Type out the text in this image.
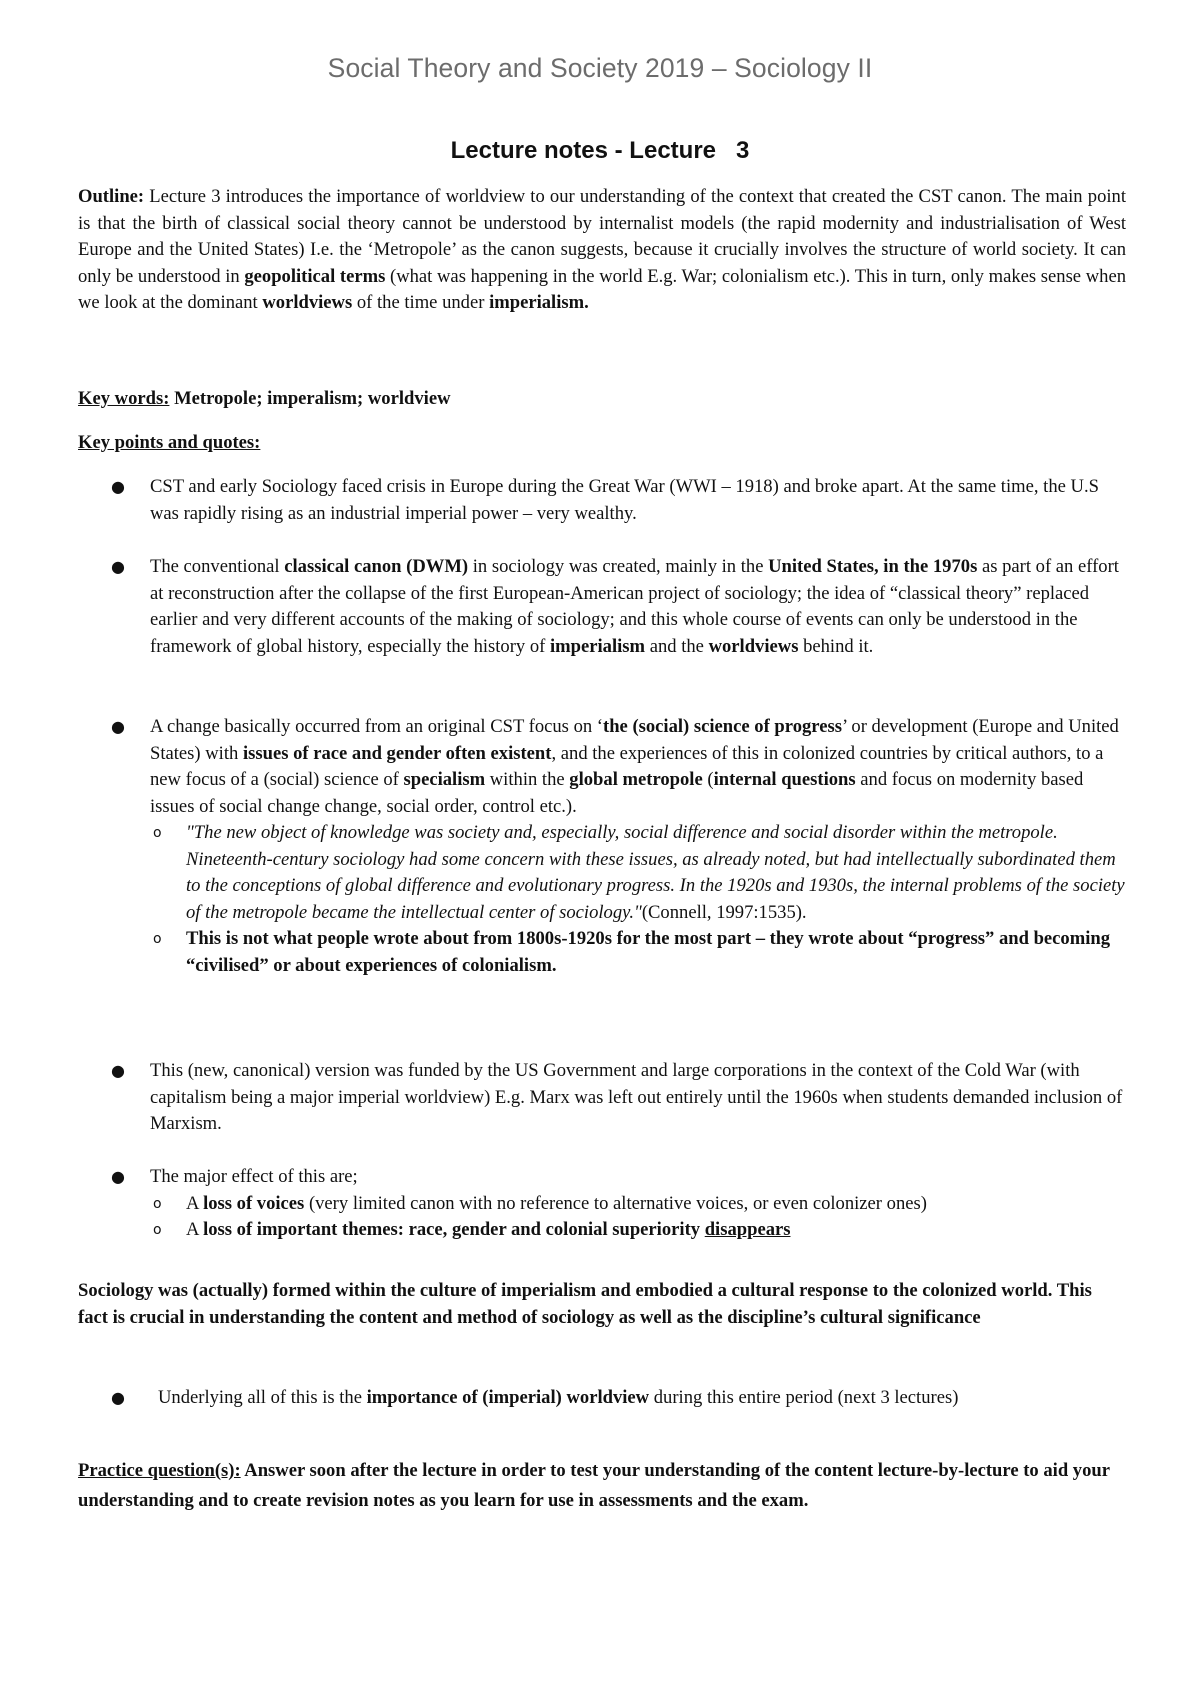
Social Theory and Society 2019 – Sociology II
Lecture notes - Lecture 3

Outline: Lecture 3 introduces the importance of worldview to our understanding of the context that created the CST canon. The main point is that the birth of classical social theory cannot be understood by internalist models (the rapid modernity and industrialisation of West Europe and the United States) I.e. the ‘Metropole’ as the canon suggests, because it crucially involves the structure of world society. It can only be understood in geopolitical terms (what was happening in the world E.g. War; colonialism etc.). This in turn, only makes sense when we look at the dominant worldviews of the time under imperialism.

Key words: Metropole; imperalism; worldview

Key points and quotes:

● CST and early Sociology faced crisis in Europe during the Great War (WWI – 1918) and broke apart. At the same time, the U.S was rapidly rising as an industrial imperial power – very wealthy.
● The conventional classical canon (DWM) in sociology was created, mainly in the United States, in the 1970s as part of an effort at reconstruction after the collapse of the first European-American project of sociology; the idea of “classical theory” replaced earlier and very different accounts of the making of sociology; and this whole course of events can only be understood in the framework of global history, especially the history of imperialism and the worldviews behind it.
● A change basically occurred from an original CST focus on ‘the (social) science of progress’ or development (Europe and United States) with issues of race and gender often existent, and the experiences of this in colonized countries by critical authors, to a new focus of a (social) science of specialism within the global metropole (internal questions and focus on modernity based issues of social change change, social order, control etc.).
o "The new object of knowledge was society and, especially, social difference and social disorder within the metropole. Nineteenth-century sociology had some concern with these issues, as already noted, but had intellectually subordinated them to the conceptions of global difference and evolutionary progress. In the 1920s and 1930s, the internal problems of the society of the metropole became the intellectual center of sociology."(Connell, 1997:1535).
o This is not what people wrote about from 1800s-1920s for the most part – they wrote about “progress” and becoming “civilised” or about experiences of colonialism.
● This (new, canonical) version was funded by the US Government and large corporations in the context of the Cold War (with capitalism being a major imperial worldview) E.g. Marx was left out entirely until the 1960s when students demanded inclusion of Marxism.
● The major effect of this are;
o A loss of voices (very limited canon with no reference to alternative voices, or even colonizer ones)
o A loss of important themes: race, gender and colonial superiority disappears

Sociology was (actually) formed within the culture of imperialism and embodied a cultural response to the colonized world. This fact is crucial in understanding the content and method of sociology as well as the discipline’s cultural significance

● Underlying all of this is the importance of (imperial) worldview during this entire period (next 3 lectures)

Practice question(s): Answer soon after the lecture in order to test your understanding of the content lecture-by-lecture to aid your understanding and to create revision notes as you learn for use in assessments and the exam.
